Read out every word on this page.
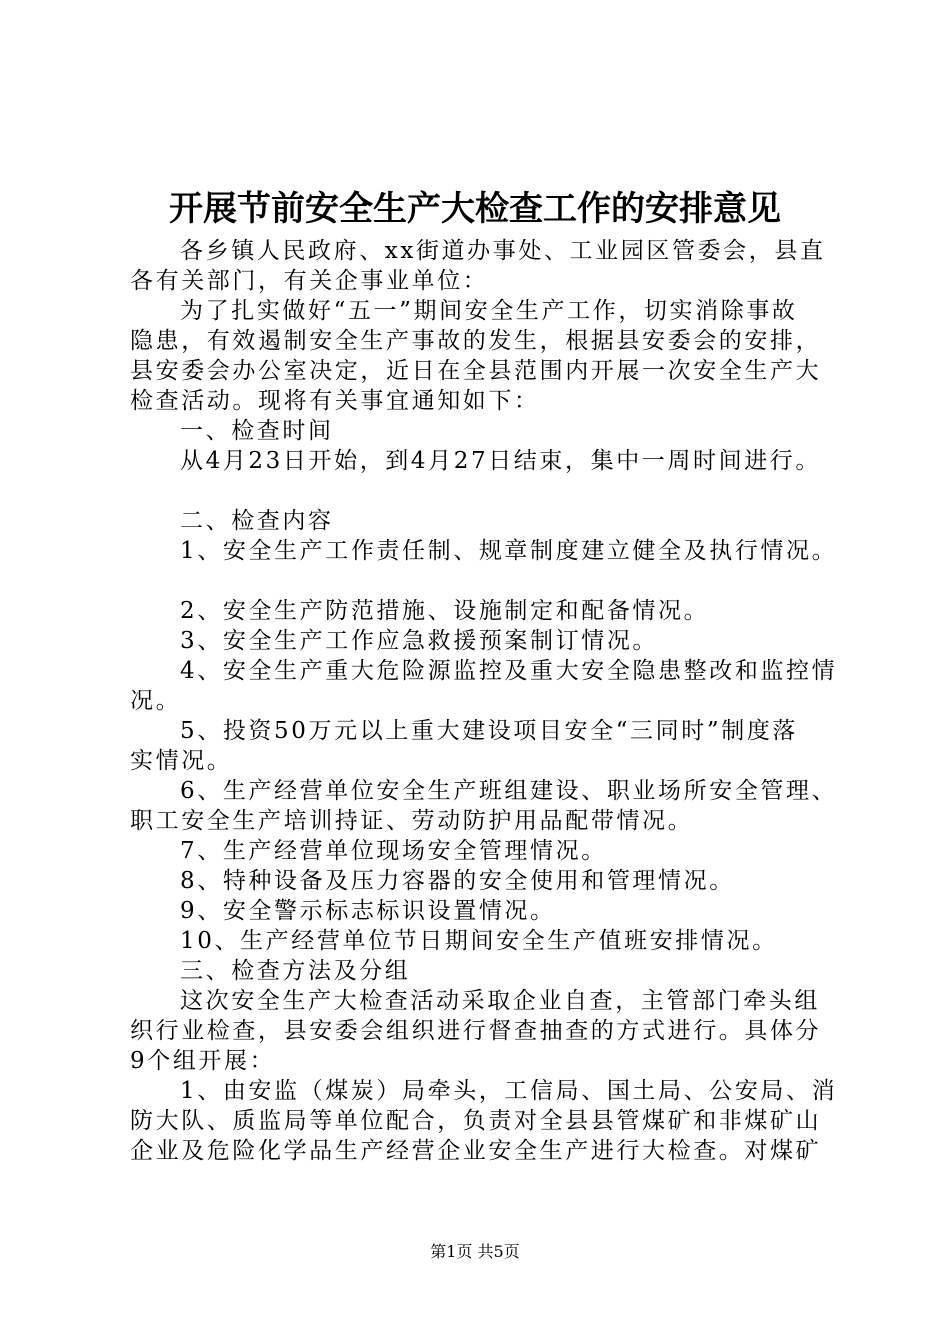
开展节前安全生产大检查工作的安排意见

各乡镇人民政府、xx街道办事处、工业园区管委会，县直

各有关部门，有关企事业单位：

为了扎实做好“五一”期间安全生产工作，切实消除事故

隐患，有效遏制安全生产事故的发生，根据县安委会的安排，

县安委会办公室决定，近日在全县范围内开展一次安全生产大

检查活动。现将有关事宜通知如下：

一、检查时间

从4月23日开始，到4月27日结束，集中一周时间进行。

二、检查内容

1、安全生产工作责任制、规章制度建立健全及执行情况。

2、安全生产防范措施、设施制定和配备情况。

3、安全生产工作应急救援预案制订情况。

4、安全生产重大危险源监控及重大安全隐患整改和监控情

况。

5、投资50万元以上重大建设项目安全“三同时”制度落

实情况。

6、生产经营单位安全生产班组建设、职业场所安全管理、

职工安全生产培训持证、劳动防护用品配带情况。

7、生产经营单位现场安全管理情况。

8、特种设备及压力容器的安全使用和管理情况。

9、安全警示标志标识设置情况。

10、生产经营单位节日期间安全生产值班安排情况。

三、检查方法及分组

这次安全生产大检查活动采取企业自查，主管部门牵头组

织行业检查，县安委会组织进行督查抽查的方式进行。具体分

9个组开展：

1、由安监（煤炭）局牵头，工信局、国土局、公安局、消

防大队、质监局等单位配合，负责对全县县管煤矿和非煤矿山

企业及危险化学品生产经营企业安全生产进行大检查。对煤矿

第1页 共5页
